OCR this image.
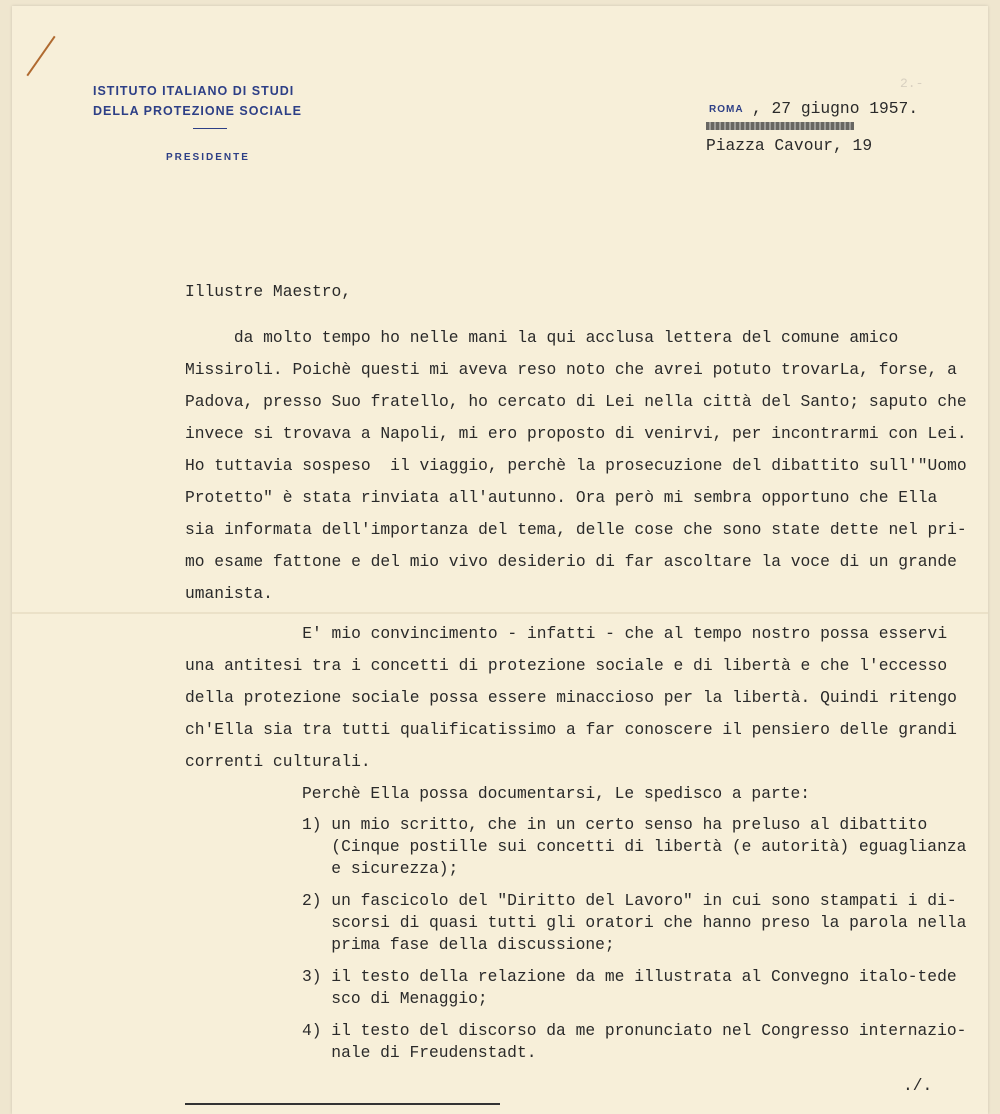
ISTITUTO ITALIANO DI STUDI
DELLA PROTEZIONE SOCIALE
PRESIDENTE
2.-
ROMA , 27 giugno 1957.
Piazza Cavour, 19
Illustre Maestro,
da molto tempo ho nelle mani la qui acclusa lettera del comune amico
Missiroli. Poichè questi mi aveva reso noto che avrei potuto trovarLa, forse, a
Padova, presso Suo fratello, ho cercato di Lei nella città del Santo; saputo che
invece si trovava a Napoli, mi ero proposto di venirvi, per incontrarmi con Lei.
Ho tuttavia sospeso  il viaggio, perchè la prosecuzione del dibattito sull'"Uomo
Protetto" è stata rinviata all'autunno. Ora però mi sembra opportuno che Ella
sia informata dell'importanza del tema, delle cose che sono state dette nel pri-
mo esame fattone e del mio vivo desiderio di far ascoltare la voce di un grande
umanista.
E' mio convincimento - infatti - che al tempo nostro possa esservi
una antitesi tra i concetti di protezione sociale e di libertà e che l'eccesso
della protezione sociale possa essere minaccioso per la libertà. Quindi ritengo
ch'Ella sia tra tutti qualificatissimo a far conoscere il pensiero delle grandi
correnti culturali.
Perchè Ella possa documentarsi, Le spedisco a parte:
1) un mio scritto, che in un certo senso ha preluso al dibattito
(Cinque postille sui concetti di libertà (e autorità) eguaglianza
e sicurezza);
2) un fascicolo del "Diritto del Lavoro" in cui sono stampati i di-
scorsi di quasi tutti gli oratori che hanno preso la parola nella
prima fase della discussione;
3) il testo della relazione da me illustrata al Convegno italo-tede
sco di Menaggio;
4) il testo del discorso da me pronunciato nel Congresso internazio-
nale di Freudenstadt.
./.
